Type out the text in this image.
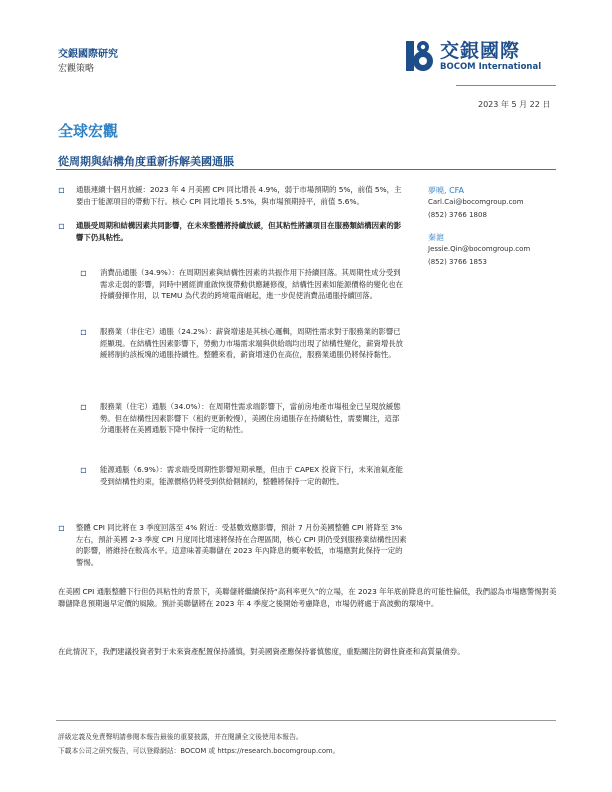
交銀國際研究
宏觀策略
交銀國際
BOCOM International
2023 年 5 月 22 日
全球宏觀
從周期與結構角度重新拆解美國通脹
▫	通脹連續十個月放緩：2023 年 4 月美國 CPI 同比增長 4.9%，弱于市場預期的 5%，前值 5%，主要由于能源項目的帶動下行。核心 CPI 同比增長 5.5%，與市場預期持平，前值 5.6%。
▫	通脹受周期和結構因素共同影響，在未來整體將持續放緩，但其粘性將讓項目在服務類結構因素的影響下仍具粘性。
▫	消費品通脹（34.9%）：在周期因素與結構性因素的共振作用下持續回落。其周期性成分受到需求走弱的影響，同時中國經濟重啟恢復帶動供應鏈修復，結構性因素如能源價格的變化也在持續發揮作用，以 TEMU 為代表的跨境電商崛起，進一步促使消費品通脹持續回落。
▫	服務業（非住宅）通脹（24.2%）：薪資增速是其核心邏輯，周期性需求對于服務業的影響已經顯現。在結構性因素影響下，勞動力市場需求端與供給端均出現了結構性變化，薪資增長放緩將制約該板塊的通脹持續性。整體來看，薪資增速仍在高位，服務業通脹仍將保持黏性。
▫	服務業（住宅）通脹（34.0%）：在周期性需求端影響下，當前房地產市場租金已呈現放緩態勢。但在結構性因素影響下（租約更新較慢），美國住房通脹存在持續粘性，需要關注，這部分通脹將在美國通脹下降中保持一定的粘性。
▫	能源通脹（6.9%）：需求端受周期性影響短期承壓，但由于 CAPEX 投資下行，未來油氣產能受到結構性約束，能源價格仍將受到供給側制約，整體將保持一定的韌性。
▫	整體 CPI 同比將在 3 季度回落至 4% 附近：受基數效應影響，預計 7 月份美國整體 CPI 將降至 3% 左右，預計美國 2-3 季度 CPI 月度同比增速將保持在合理區間，核心 CPI 則仍受到服務業結構性因素的影響，將維持在較高水平。這意味著美聯儲在 2023 年內降息的概率較低，市場應對此保持一定的警惕。
在美國 CPI 通脹整體下行但仍具粘性的背景下，美聯儲將繼續保持“高利率更久”的立場，在 2023 年年底前降息的可能性偏低，我們認為市場應警惕對美聯儲降息預期過早定價的風險。預計美聯儲將在 2023 年 4 季度之後開始考慮降息，市場仍將處于高波動的環境中。
在此情況下，我們建議投資者對于未來資產配置保持謹慎，對美國資產應保持審慎態度，重點關注防御性資產和高質量債券。
夢曉, CFA
Carl.Cai@bocomgroup.com
(852) 3766 1808
秦滬
Jessie.Qin@bocomgroup.com
(852) 3766 1853
評級定義及免責聲明請參閱本報告最後的重要披露，并在閱讀全文後使用本報告。
下載本公司之研究報告，可以登錄網站：BOCOM 或 https://research.bocomgroup.com。
